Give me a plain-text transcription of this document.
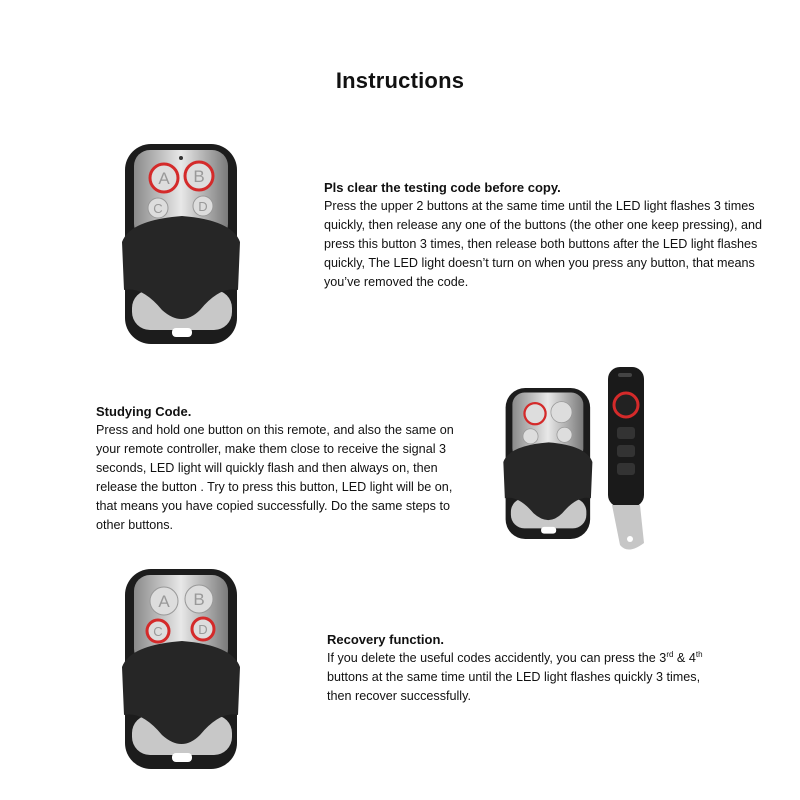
Instructions
A B
C	D
Pls clear the testing code before copy.

Press the upper 2 buttons at the same time until the LED light flashes 3 times quickly, then release any one of the buttons (the other one keep pressing), and press this button 3 times, then release both buttons after the LED light flashes quickly, The LED light doesn’t turn on when you press any button, that means you’ve removed the code.

Studying Code.

Press and hold one button on this remote, and also the same on your remote controller, make them close to receive the signal 3 seconds, LED light will quickly flash and then always on, then release the button . Try to press this button, LED light will be on, that means you have copied successfully. Do the same steps to other buttons.

A B
C	D
Recovery function.

If you delete the useful codes accidently, you can press the 3rd & 4th buttons at the same time until the LED light flashes quickly 3 times, then recover successfully.
